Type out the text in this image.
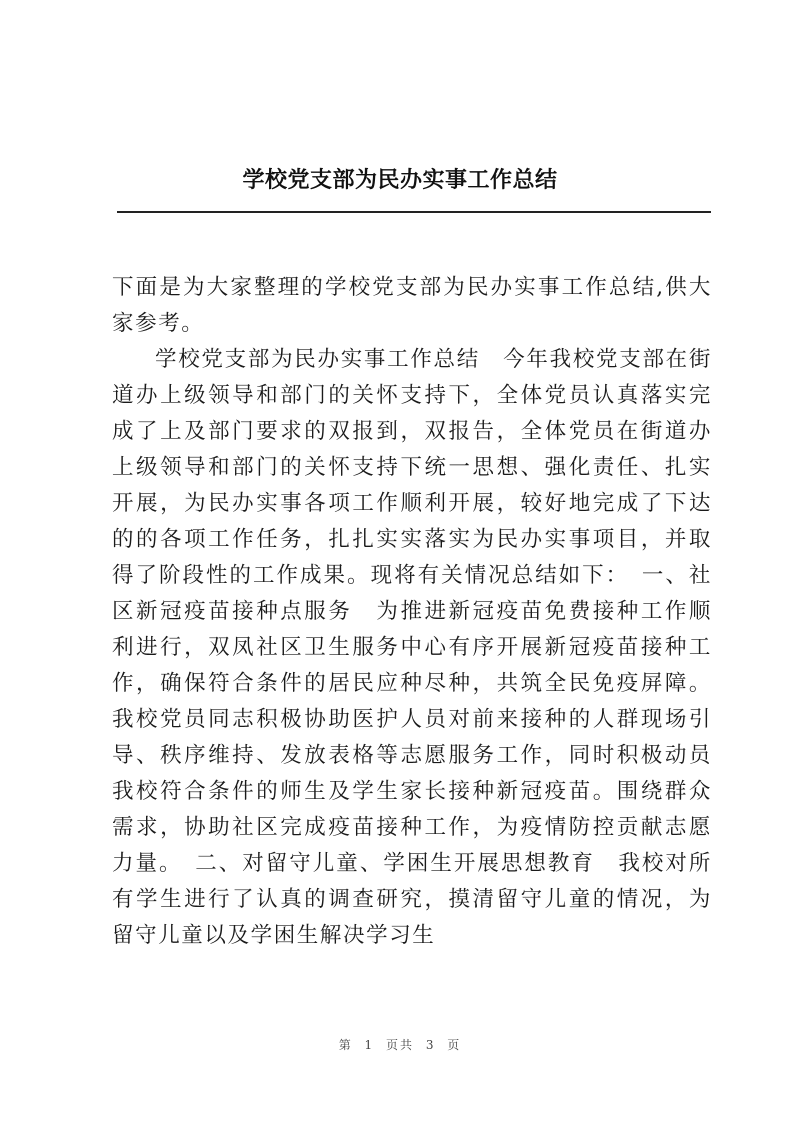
学校党支部为民办实事工作总结

下面是为大家整理的学校党支部为民办实事工作总结,供大家参考。

学校党支部为民办实事工作总结　今年我校党支部在街道办上级领导和部门的关怀支持下，全体党员认真落实完成了上及部门要求的双报到，双报告，全体党员在街道办上级领导和部门的关怀支持下统一思想、强化责任、扎实开展，为民办实事各项工作顺利开展，较好地完成了下达的的各项工作任务，扎扎实实落实为民办实事项目，并取得了阶段性的工作成果。现将有关情况总结如下：　一、社区新冠疫苗接种点服务　为推进新冠疫苗免费接种工作顺利进行，双凤社区卫生服务中心有序开展新冠疫苗接种工作，确保符合条件的居民应种尽种，共筑全民免疫屏障。我校党员同志积极协助医护人员对前来接种的人群现场引导、秩序维持、发放表格等志愿服务工作，同时积极动员我校符合条件的师生及学生家长接种新冠疫苗。围绕群众需求，协助社区完成疫苗接种工作，为疫情防控贡献志愿力量。　二、对留守儿童、学困生开展思想教育　我校对所有学生进行了认真的调查研究，摸清留守儿童的情况，为留守儿童以及学困生解决学习生

第 1 页共 3 页
